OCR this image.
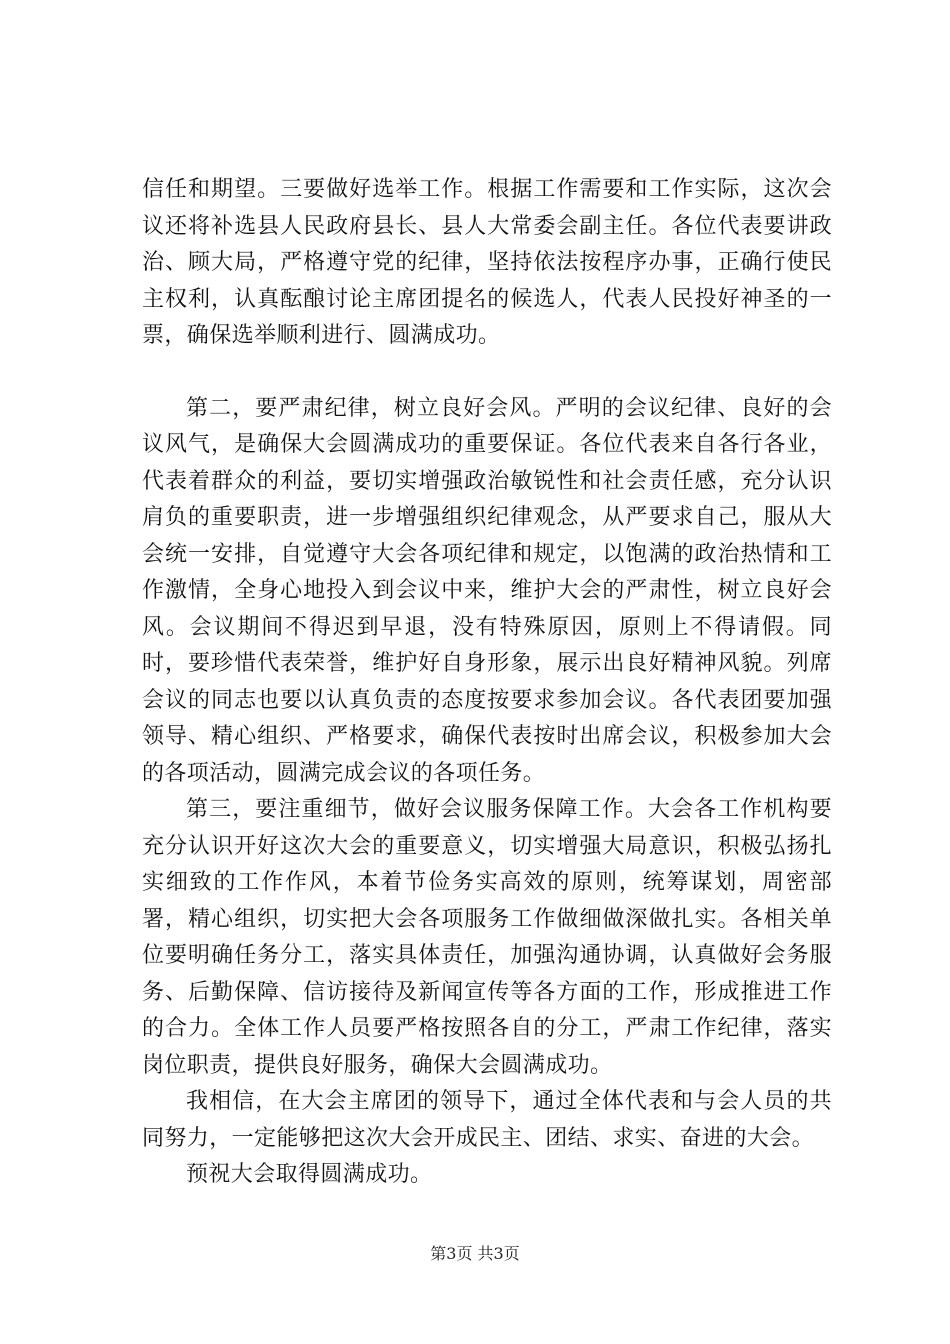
信任和期望。三要做好选举工作。根据工作需要和工作实际，这次会议还将补选县人民政府县长、县人大常委会副主任。各位代表要讲政治、顾大局，严格遵守党的纪律，坚持依法按程序办事，正确行使民主权利，认真酝酿讨论主席团提名的候选人，代表人民投好神圣的一票，确保选举顺利进行、圆满成功。

第二，要严肃纪律，树立良好会风。严明的会议纪律、良好的会议风气，是确保大会圆满成功的重要保证。各位代表来自各行各业，代表着群众的利益，要切实增强政治敏锐性和社会责任感，充分认识肩负的重要职责，进一步增强组织纪律观念，从严要求自己，服从大会统一安排，自觉遵守大会各项纪律和规定，以饱满的政治热情和工作激情，全身心地投入到会议中来，维护大会的严肃性，树立良好会风。会议期间不得迟到早退，没有特殊原因，原则上不得请假。同时，要珍惜代表荣誉，维护好自身形象，展示出良好精神风貌。列席会议的同志也要以认真负责的态度按要求参加会议。各代表团要加强领导、精心组织、严格要求，确保代表按时出席会议，积极参加大会的各项活动，圆满完成会议的各项任务。

第三，要注重细节，做好会议服务保障工作。大会各工作机构要充分认识开好这次大会的重要意义，切实增强大局意识，积极弘扬扎实细致的工作作风，本着节俭务实高效的原则，统筹谋划，周密部署，精心组织，切实把大会各项服务工作做细做深做扎实。各相关单位要明确任务分工，落实具体责任，加强沟通协调，认真做好会务服务、后勤保障、信访接待及新闻宣传等各方面的工作，形成推进工作的合力。全体工作人员要严格按照各自的分工，严肃工作纪律，落实岗位职责，提供良好服务，确保大会圆满成功。

我相信，在大会主席团的领导下，通过全体代表和与会人员的共同努力，一定能够把这次大会开成民主、团结、求实、奋进的大会。

预祝大会取得圆满成功。

第3页 共3页
